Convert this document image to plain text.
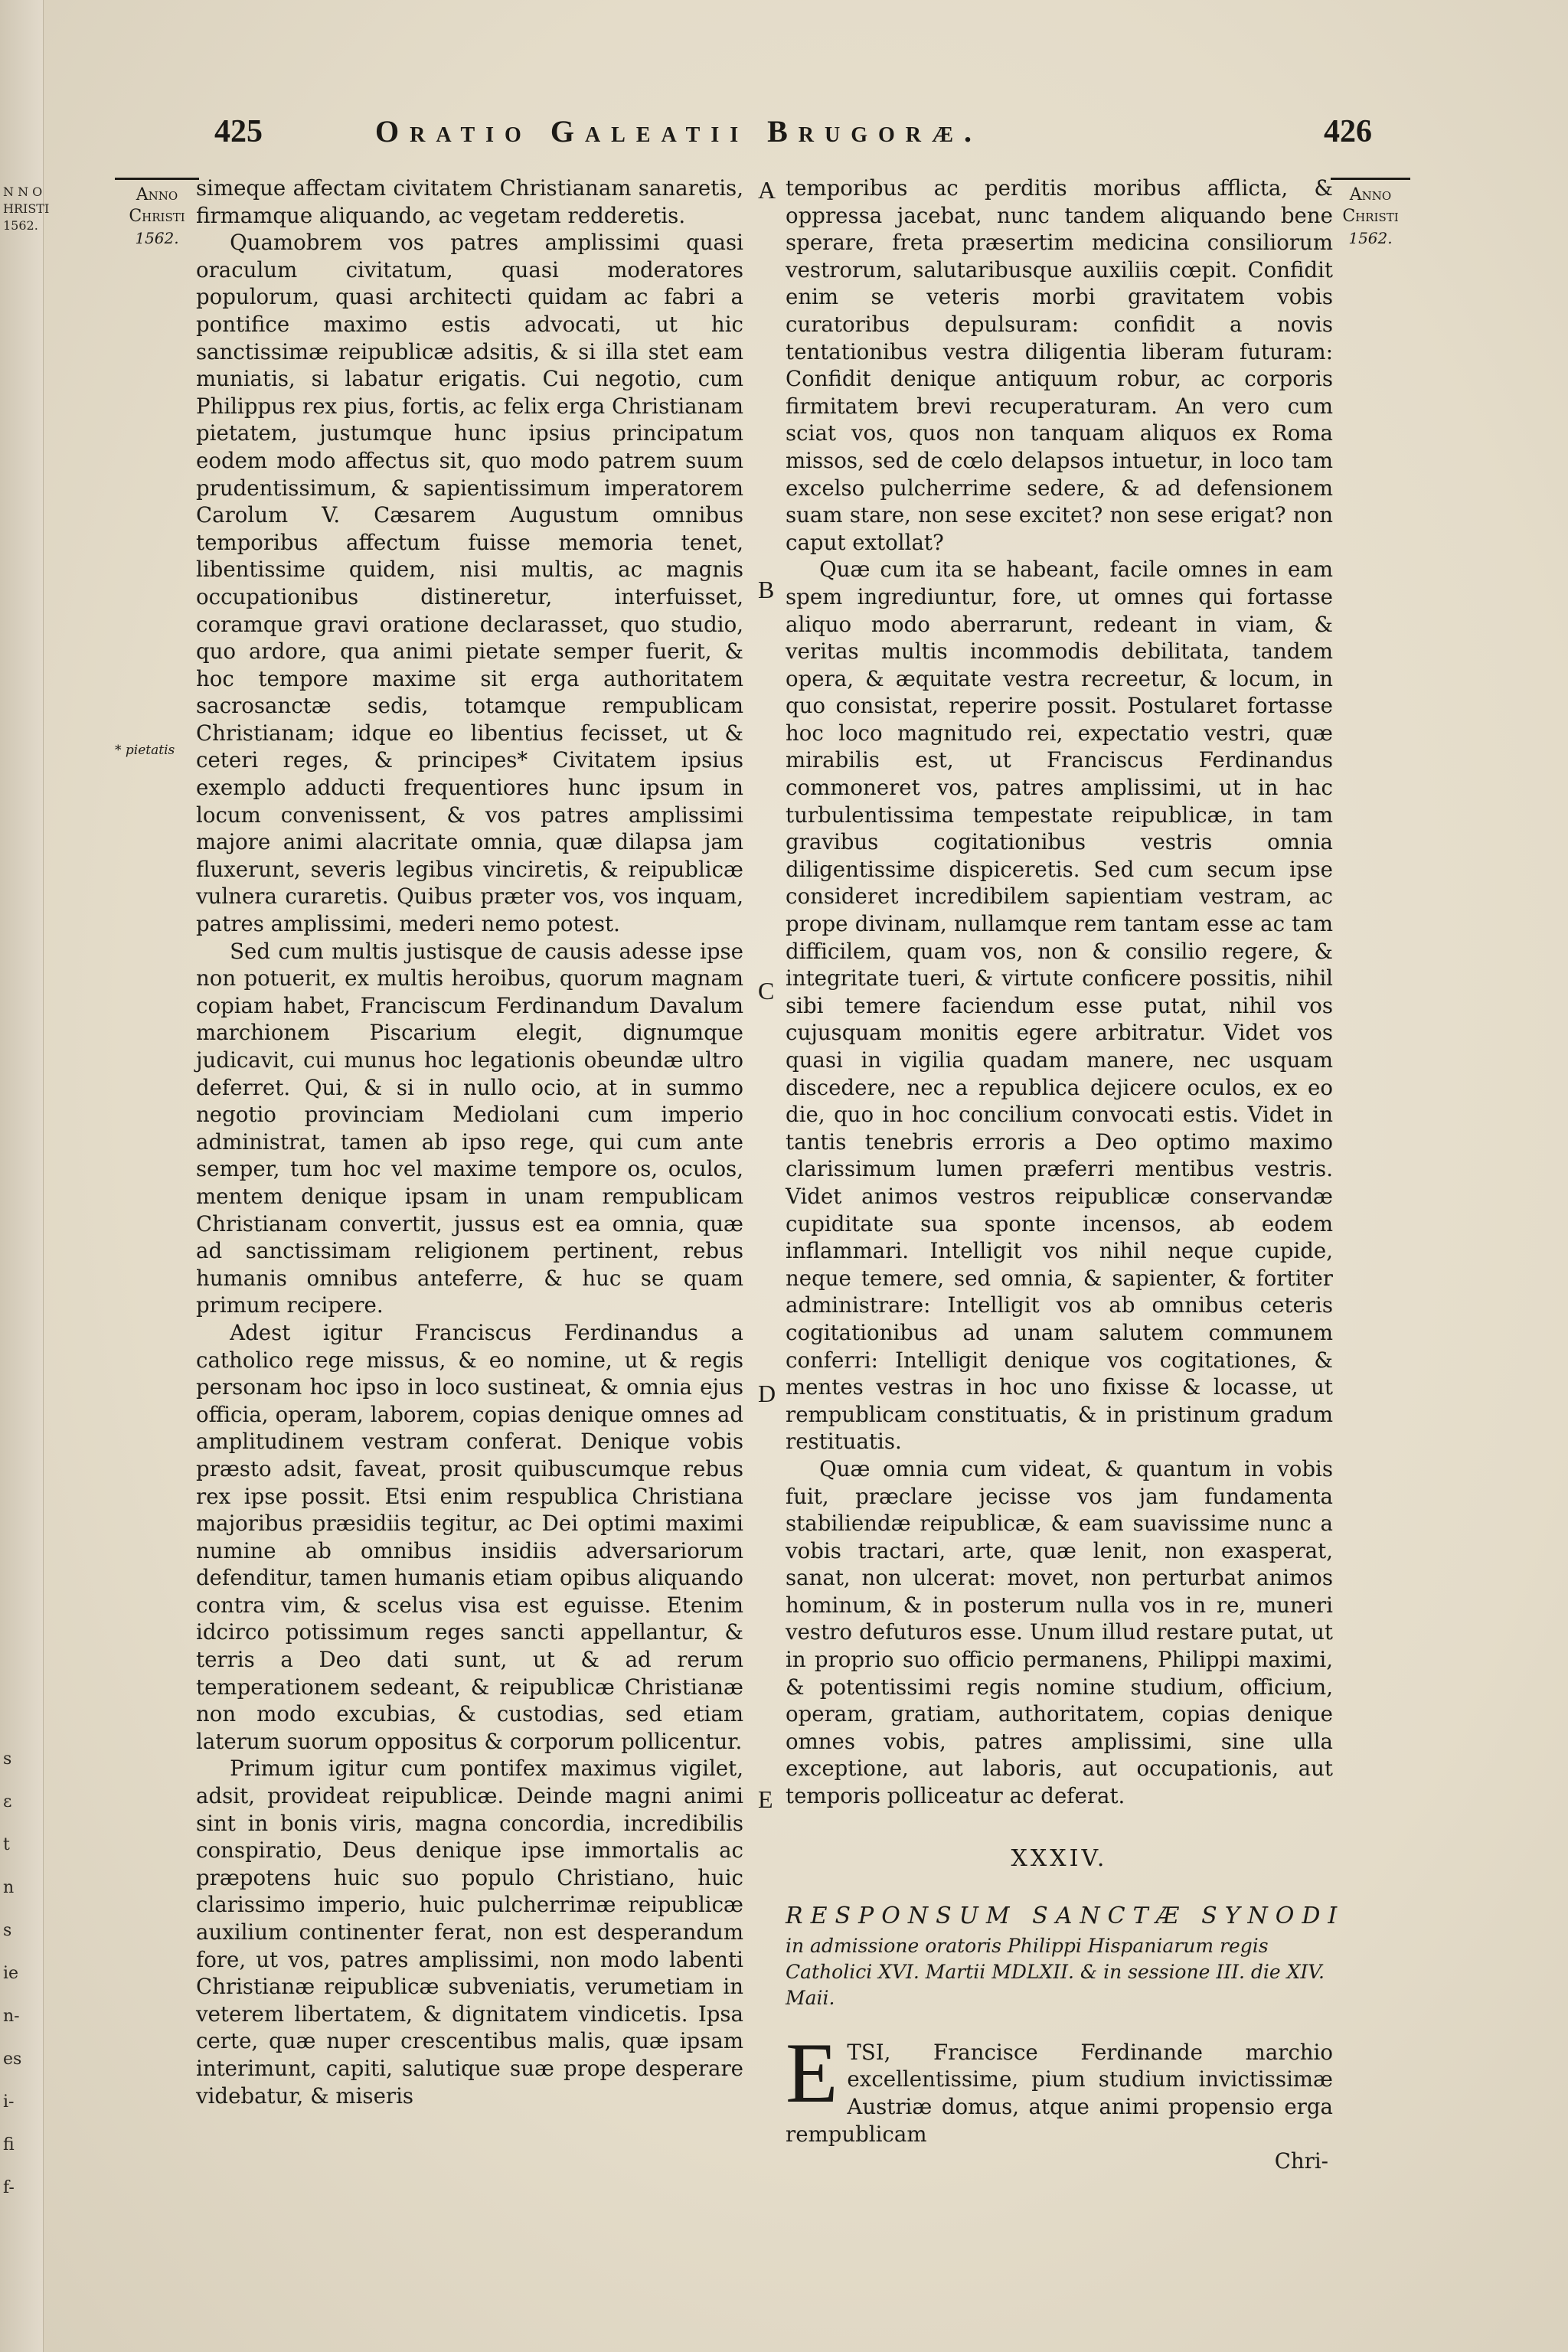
N N O
HRISTI
1562.
s
ε
t
n
s
ie
n-
es
i-
fi
f-
425	Oratio Galeatii Brugoræ.	426
Anno
Christi
1562.
Anno
Christi
1562.
* pietatis
A
B
C
D
E

simeque affectam civitatem Christianam sanaretis, firmamque aliquando, ac vegetam redderetis.

Quamobrem vos patres amplissimi quasi oraculum civitatum, quasi moderatores populorum, quasi architecti quidam ac fabri a pontifice maximo estis advocati, ut hic sanctissimæ reipublicæ adsitis, & si illa stet eam muniatis, si labatur erigatis. Cui negotio, cum Philippus rex pius, fortis, ac felix erga Christianam pietatem, justumque hunc ipsius principatum eodem modo affectus sit, quo modo patrem suum prudentissimum, & sapientissimum imperatorem Carolum V. Cæsarem Augustum omnibus temporibus affectum fuisse memoria tenet, libentissime quidem, nisi multis, ac magnis occupationibus distineretur, interfuisset, coramque gravi oratione declarasset, quo studio, quo ardore, qua animi pietate semper fuerit, & hoc tempore maxime sit erga authoritatem sacrosanctæ sedis, totamque rempublicam Christianam; idque eo libentius fecisset, ut & ceteri reges, & principes* Civitatem ipsius exemplo adducti frequentiores hunc ipsum in locum convenissent, & vos patres amplissimi majore animi alacritate omnia, quæ dilapsa jam fluxerunt, severis legibus vinciretis, & reipublicæ vulnera curaretis. Quibus præter vos, vos inquam, patres amplissimi, mederi nemo potest.

Sed cum multis justisque de causis adesse ipse non potuerit, ex multis heroibus, quorum magnam copiam habet, Franciscum Ferdinandum Davalum marchionem Piscarium elegit, dignumque judicavit, cui munus hoc legationis obeundæ ultro deferret. Qui, & si in nullo ocio, at in summo negotio provinciam Mediolani cum imperio administrat, tamen ab ipso rege, qui cum ante semper, tum hoc vel maxime tempore os, oculos, mentem denique ipsam in unam rempublicam Christianam convertit, jussus est ea omnia, quæ ad sanctissimam religionem pertinent, rebus humanis omnibus anteferre, & huc se quam primum recipere.

Adest igitur Franciscus Ferdinandus a catholico rege missus, & eo nomine, ut & regis personam hoc ipso in loco sustineat, & omnia ejus officia, operam, laborem, copias denique omnes ad amplitudinem vestram conferat. Denique vobis præsto adsit, faveat, prosit quibuscumque rebus rex ipse possit. Etsi enim respublica Christiana majoribus præsidiis tegitur, ac Dei optimi maximi numine ab omnibus insidiis adversariorum defenditur, tamen humanis etiam opibus aliquando contra vim, & scelus visa est eguisse. Etenim idcirco potissimum reges sancti appellantur, & terris a Deo dati sunt, ut & ad rerum temperationem sedeant, & reipublicæ Christianæ non modo excubias, & custodias, sed etiam laterum suorum oppositus & corporum pollicentur.

Primum igitur cum pontifex maximus vigilet, adsit, provideat reipublicæ. Deinde magni animi sint in bonis viris, magna concordia, incredibilis conspiratio, Deus denique ipse immortalis ac præpotens huic suo populo Christiano, huic clarissimo imperio, huic pulcherrimæ reipublicæ auxilium continenter ferat, non est desperandum fore, ut vos, patres amplissimi, non modo labenti Christianæ reipublicæ subveniatis, verumetiam in veterem libertatem, & dignitatem vindicetis. Ipsa certe, quæ nuper crescentibus malis, quæ ipsam interimunt, capiti, salutique suæ prope desperare videbatur, & miseris

temporibus ac perditis moribus afflicta, & oppressa jacebat, nunc tandem aliquando bene sperare, freta præsertim medicina consiliorum vestrorum, salutaribusque auxiliis cœpit. Confidit enim se veteris morbi gravitatem vobis curatoribus depulsuram: confidit a novis tentationibus vestra diligentia liberam futuram: Confidit denique antiquum robur, ac corporis firmitatem brevi recuperaturam. An vero cum sciat vos, quos non tanquam aliquos ex Roma missos, sed de cœlo delapsos intuetur, in loco tam excelso pulcherrime sedere, & ad defensionem suam stare, non sese excitet? non sese erigat? non caput extollat?

Quæ cum ita se habeant, facile omnes in eam spem ingrediuntur, fore, ut omnes qui fortasse aliquo modo aberrarunt, redeant in viam, & veritas multis incommodis debilitata, tandem opera, & æquitate vestra recreetur, & locum, in quo consistat, reperire possit. Postularet fortasse hoc loco magnitudo rei, expectatio vestri, quæ mirabilis est, ut Franciscus Ferdinandus commoneret vos, patres amplissimi, ut in hac turbulentissima tempestate reipublicæ, in tam gravibus cogitationibus vestris omnia diligentissime dispiceretis. Sed cum secum ipse consideret incredibilem sapientiam vestram, ac prope divinam, nullamque rem tantam esse ac tam difficilem, quam vos, non & consilio regere, & integritate tueri, & virtute conficere possitis, nihil sibi temere faciendum esse putat, nihil vos cujusquam monitis egere arbitratur. Videt vos quasi in vigilia quadam manere, nec usquam discedere, nec a republica dejicere oculos, ex eo die, quo in hoc concilium convocati estis. Videt in tantis tenebris erroris a Deo optimo maximo clarissimum lumen præferri mentibus vestris. Videt animos vestros reipublicæ conservandæ cupiditate sua sponte incensos, ab eodem inflammari. Intelligit vos nihil neque cupide, neque temere, sed omnia, & sapienter, & fortiter administrare: Intelligit vos ab omnibus ceteris cogitationibus ad unam salutem communem conferri: Intelligit denique vos cogitationes, & mentes vestras in hoc uno fixisse & locasse, ut rempublicam constituatis, & in pristinum gradum restituatis.

Quæ omnia cum videat, & quantum in vobis fuit, præclare jecisse vos jam fundamenta stabiliendæ reipublicæ, & eam suavissime nunc a vobis tractari, arte, quæ lenit, non exasperat, sanat, non ulcerat: movet, non perturbat animos hominum, & in posterum nulla vos in re, muneri vestro defuturos esse. Unum illud restare putat, ut in proprio suo officio permanens, Philippi maximi, & potentissimi regis nomine studium, officium, operam, gratiam, authoritatem, copias denique omnes vobis, patres amplissimi, sine ulla exceptione, aut laboris, aut occupationis, aut temporis polliceatur ac deferat.

XXXIV.
RESPONSUM SANCTÆ SYNODI
in admissione oratoris Philippi Hispaniarum regis Catholici XVI. Martii MDLXII. & in sessione III. die XIV. Maii.
E TSI, Francisce Ferdinande marchio excellentissime, pium studium invictissimæ Austriæ domus, atque animi propensio erga rempublicam

Chri-
